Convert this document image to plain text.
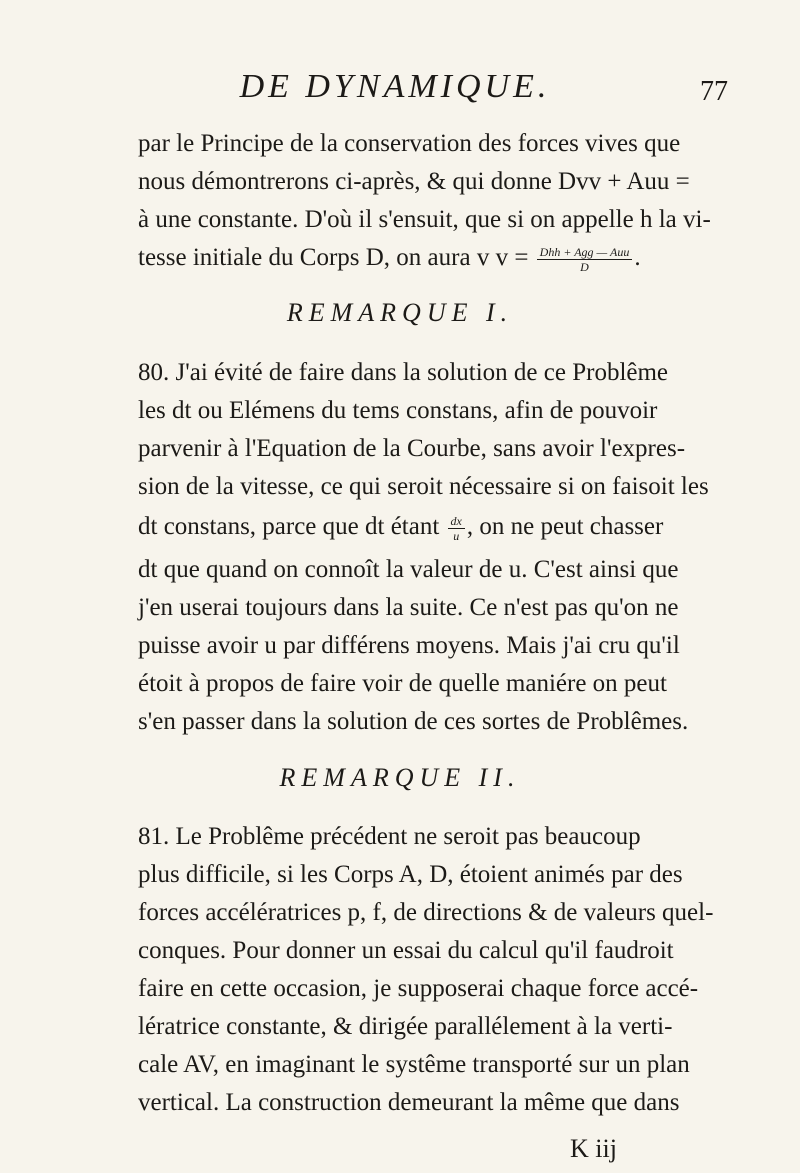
DE DYNAMIQUE.	77
par le Principe de la conservation des forces vives que
nous démontrerons ci-après, & qui donne Dvv + Auu =
à une constante. D'où il s'ensuit, que si on appelle h la vi-
tesse initiale du Corps D, on aura v $v = \frac{\text{Dhh + Agg — Auu}}{D}$ .
REMARQUE I.
80. J'ai évité de faire dans la solution de ce Problême
les dt ou Elémens du tems constans, afin de pouvoir
parvenir à l'Equation de la Courbe, sans avoir l'expres-
sion de la vitesse, ce qui seroit nécessaire si on faisoit les
dt constans, parce que dt étant $\frac{dx}{u}$ , on ne peut chasser
dt que quand on connoît la valeur de u. C'est ainsi que
j'en userai toujours dans la suite. Ce n'est pas qu'on ne
puisse avoir u par différens moyens. Mais j'ai cru qu'il
étoit à propos de faire voir de quelle maniére on peut
s'en passer dans la solution de ces sortes de Problêmes.
REMARQUE II.
81. Le Problême précédent ne seroit pas beaucoup
plus difficile, si les Corps A, D, étoient animés par des
forces accélératrices p, f, de directions & de valeurs quel-
conques. Pour donner un essai du calcul qu'il faudroit
faire en cette occasion, je supposerai chaque force accé-
lératrice constante, & dirigée parallélement à la verti-
cale AV, en imaginant le systême transporté sur un plan
vertical. La construction demeurant la même que dans
K iij
